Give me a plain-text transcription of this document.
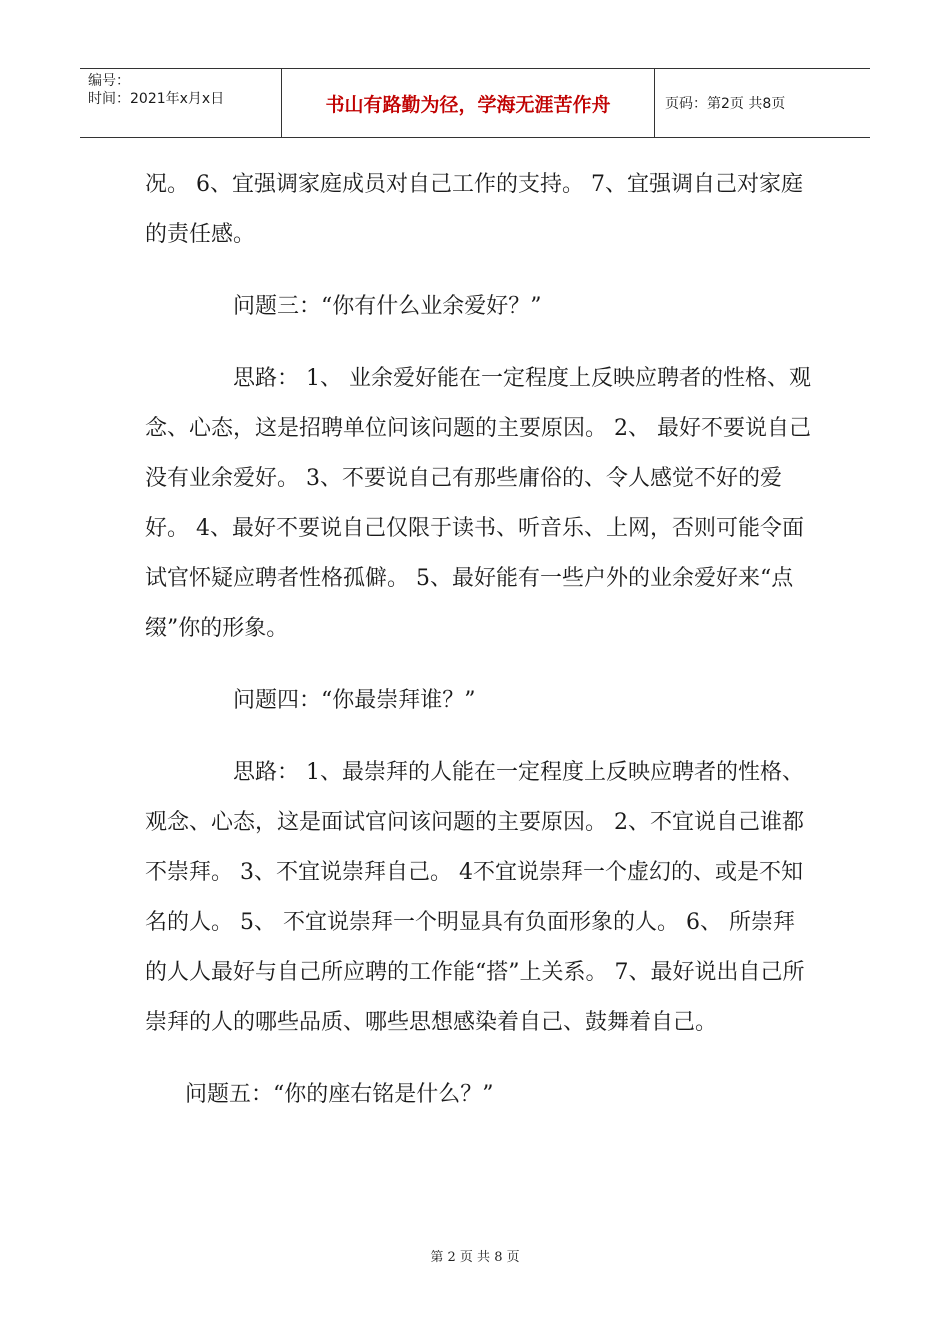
编号：
时间：2021年x月x日	书山有路勤为径，学海无涯苦作舟	页码：第2页 共8页

况。 6、宜强调家庭成员对自己工作的支持。 7、宜强调自己对家庭的责任感。

问题三：“你有什么业余爱好？”

思路： 1、 业余爱好能在一定程度上反映应聘者的性格、观念、心态，这是招聘单位问该问题的主要原因。 2、 最好不要说自己没有业余爱好。 3、不要说自己有那些庸俗的、令人感觉不好的爱好。 4、最好不要说自己仅限于读书、听音乐、上网，否则可能令面试官怀疑应聘者性格孤僻。 5、最好能有一些户外的业余爱好来“点缀”你的形象。

问题四：“你最崇拜谁？”

思路： 1、最崇拜的人能在一定程度上反映应聘者的性格、观念、心态，这是面试官问该问题的主要原因。 2、不宜说自己谁都不崇拜。 3、不宜说崇拜自己。 4不宜说崇拜一个虚幻的、或是不知名的人。 5、 不宜说崇拜一个明显具有负面形象的人。 6、 所崇拜的人人最好与自己所应聘的工作能“搭”上关系。 7、最好说出自己所崇拜的人的哪些品质、哪些思想感染着自己、鼓舞着自己。

问题五：“你的座右铭是什么？”

第 2 页 共 8 页
